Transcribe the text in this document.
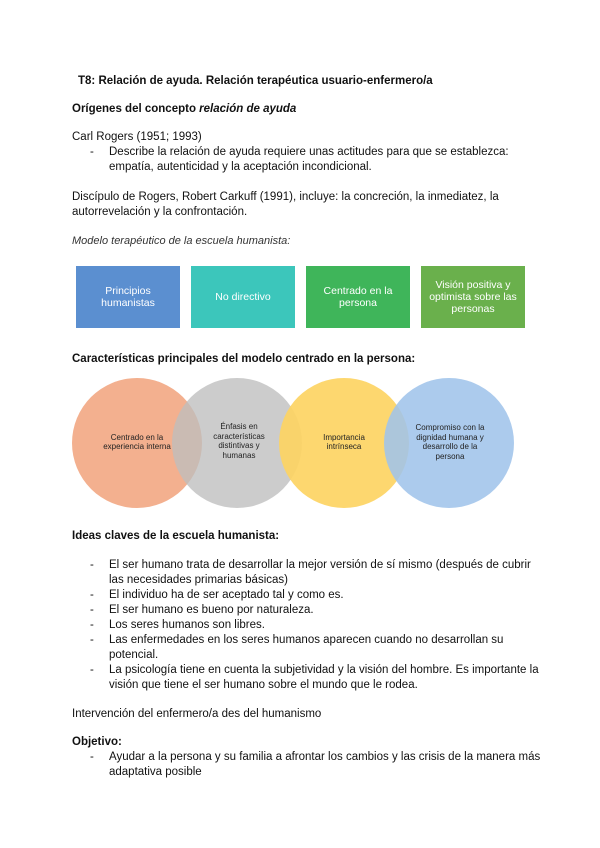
T8: Relación de ayuda. Relación terapéutica usuario-enfermero/a
Orígenes del concepto relación de ayuda
Carl Rogers (1951; 1993)
- Describe la relación de ayuda requiere unas actitudes para que se establezca:
empatía, autenticidad y la aceptación incondicional.
Discípulo de Rogers, Robert Carkuff (1991), incluye: la concreción, la inmediatez, la
autorrevelación y la confrontación.
Modelo terapéutico de la escuela humanista:
Principios humanistas	No directivo	Centrado en la persona
Visión positiva y optimista sobre las personas
Características principales del modelo centrado en la persona:
Centrado en la experiencia interna
Énfasis en características distintivas y humanas
Importancia intrínseca
Compromiso con la dignidad humana y desarrollo de la persona
Ideas claves de la escuela humanista:
- El ser humano trata de desarrollar la mejor versión de sí mismo (después de cubrir
las necesidades primarias básicas)
- El individuo ha de ser aceptado tal y como es.
- El ser humano es bueno por naturaleza.
- Los seres humanos son libres.
- Las enfermedades en los seres humanos aparecen cuando no desarrollan su
potencial.
- La psicología tiene en cuenta la subjetividad y la visión del hombre. Es importante la
visión que tiene el ser humano sobre el mundo que le rodea.
Intervención del enfermero/a des del humanismo
Objetivo:
- Ayudar a la persona y su familia a afrontar los cambios y las crisis de la manera más
adaptativa posible
